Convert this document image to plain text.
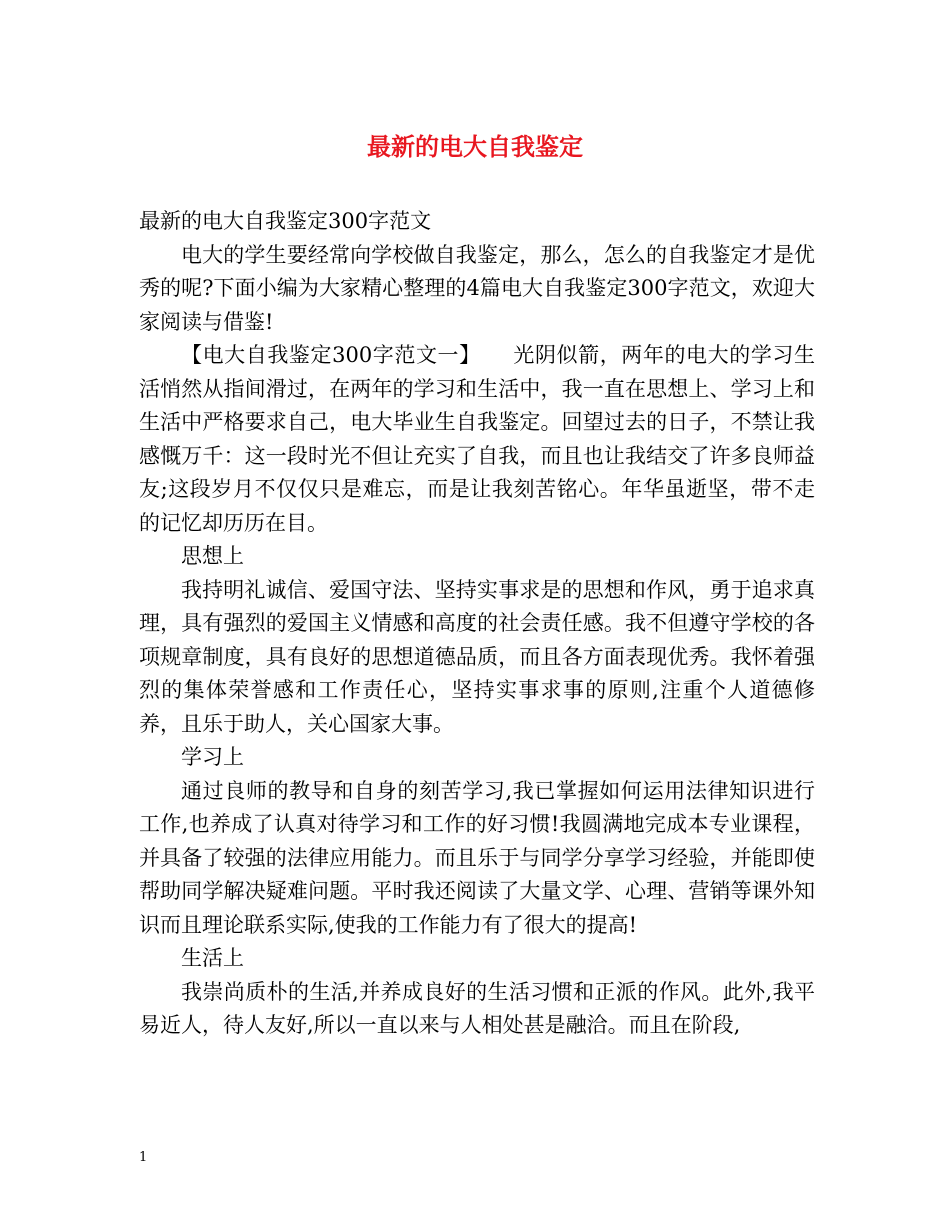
最新的电大自我鉴定

最新的电大自我鉴定300字范文

电大的学生要经常向学校做自我鉴定，那么，怎么的自我鉴定才是优秀的呢?下面小编为大家精心整理的4篇电大自我鉴定300字范文，欢迎大家阅读与借鉴!

【电大自我鉴定300字范文一】　　光阴似箭，两年的电大的学习生活悄然从指间滑过，在两年的学习和生活中，我一直在思想上、学习上和生活中严格要求自己，电大毕业生自我鉴定。回望过去的日子，不禁让我感慨万千：这一段时光不但让充实了自我，而且也让我结交了许多良师益友;这段岁月不仅仅只是难忘，而是让我刻苦铭心。年华虽逝坚，带不走的记忆却历历在目。

思想上

我持明礼诚信、爱国守法、坚持实事求是的思想和作风，勇于追求真理，具有强烈的爱国主义情感和高度的社会责任感。我不但遵守学校的各项规章制度，具有良好的思想道德品质，而且各方面表现优秀。我怀着强烈的集体荣誉感和工作责任心，坚持实事求事的原则,注重个人道德修养，且乐于助人，关心国家大事。

学习上

通过良师的教导和自身的刻苦学习,我已掌握如何运用法律知识进行工作,也养成了认真对待学习和工作的好习惯!我圆满地完成本专业课程，并具备了较强的法律应用能力。而且乐于与同学分享学习经验，并能即使帮助同学解决疑难问题。平时我还阅读了大量文学、心理、营销等课外知识而且理论联系实际,使我的工作能力有了很大的提高!

生活上

我崇尚质朴的生活,并养成良好的生活习惯和正派的作风。此外,我平易近人，待人友好,所以一直以来与人相处甚是融洽。而且在阶段,

1
